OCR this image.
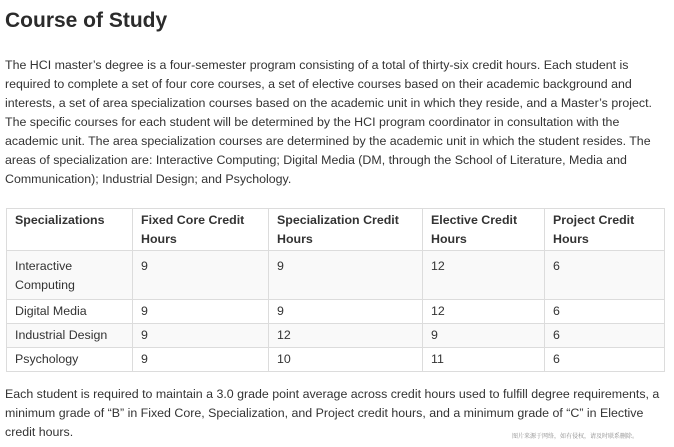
Course of Study

The HCI master’s degree is a four-semester program consisting of a total of thirty-six credit hours. Each student is required to complete a set of four core courses, a set of elective courses based on their academic background and interests, a set of area specialization courses based on the academic unit in which they reside, and a Master’s project. The specific courses for each student will be determined by the HCI program coordinator in consultation with the academic unit. The area specialization courses are determined by the academic unit in which the student resides. The areas of specialization are: Interactive Computing; Digital Media (DM, through the School of Literature, Media and Communication); Industrial Design; and Psychology.

Specializations	Fixed Core Credit Hours	Specialization Credit Hours	Elective Credit Hours	Project Credit Hours
Interactive Computing	9	9	12	6
Digital Media	9	9	12	6
Industrial Design	9	12	9	6
Psychology	9	10	11	6

Each student is required to maintain a 3.0 grade point average across credit hours used to fulfill degree requirements, a minimum grade of “B” in Fixed Core, Specialization, and Project credit hours, and a minimum grade of “C” in Elective credit hours.	图片来源于网络，如有侵权，请及时联系删除。
